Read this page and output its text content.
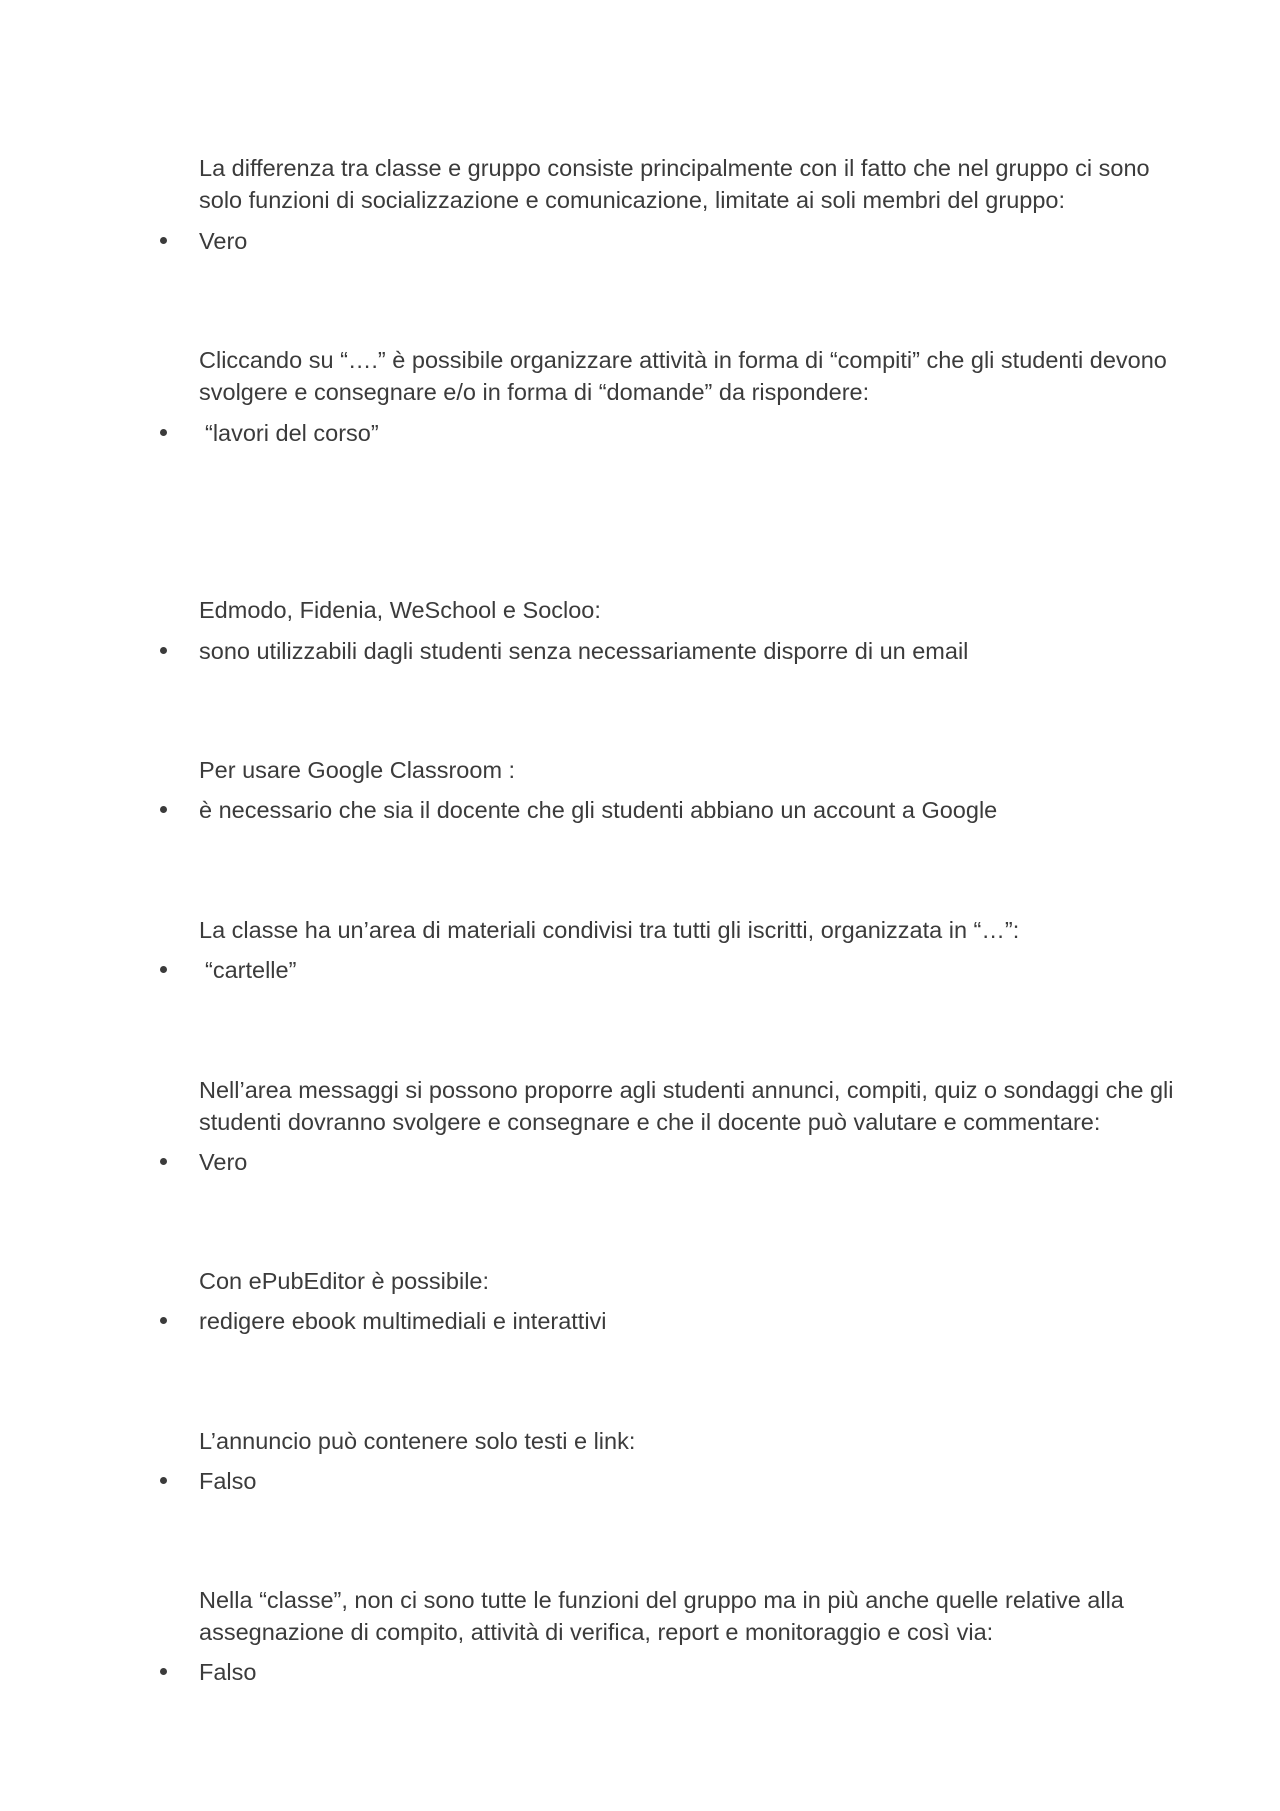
La differenza tra classe e gruppo consiste principalmente con il fatto che nel gruppo ci sono solo funzioni di socializzazione e comunicazione, limitate ai soli membri del gruppo:

Vero

Cliccando su “….” è possibile organizzare attività in forma di “compiti” che gli studenti devono svolgere e consegnare e/o in forma di “domande” da rispondere:

“lavori del corso”

Edmodo, Fidenia, WeSchool e Socloo:

sono utilizzabili dagli studenti senza necessariamente disporre di un email

Per usare Google Classroom :

è necessario che sia il docente che gli studenti abbiano un account a Google

La classe ha un’area di materiali condivisi tra tutti gli iscritti, organizzata in “…”:

“cartelle”

Nell’area messaggi si possono proporre agli studenti annunci, compiti, quiz o sondaggi che gli studenti dovranno svolgere e consegnare e che il docente può valutare e commentare:

Vero

Con ePubEditor è possibile:

redigere ebook multimediali e interattivi

L’annuncio può contenere solo testi e link:

Falso

Nella “classe”, non ci sono tutte le funzioni del gruppo ma in più anche quelle relative alla assegnazione di compito, attività di verifica, report e monitoraggio e così via:

Falso
